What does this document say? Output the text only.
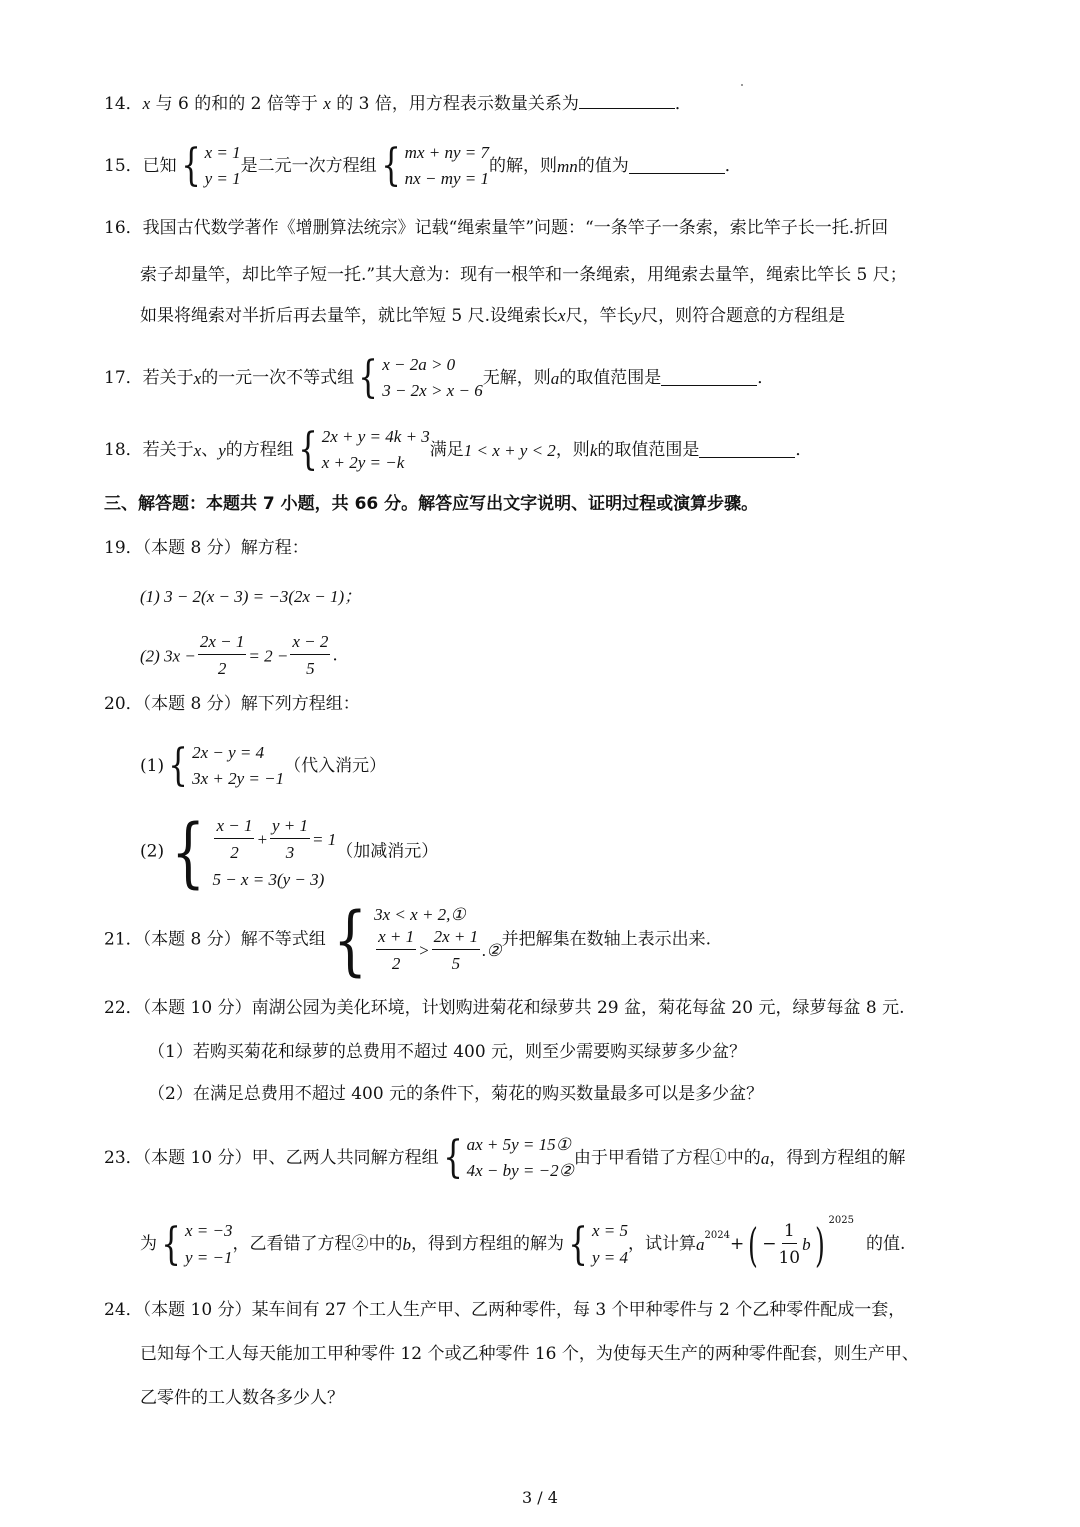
14．x 与 6 的和的 2 倍等于 x 的 3 倍，用方程表示数量关系为	．
15．已知 { x = 1
y = 1
是二元一次方程组 { mx + ny = 7
nx − my = 1
的解，则mn的值为	．
16．我国古代数学著作《增删算法统宗》记载“绳索量竿”问题：“一条竿子一条索，索比竿子长一托.折回
索子却量竿，却比竿子短一托.”其大意为：现有一根竿和一条绳索，用绳索去量竿，绳索比竿长 5 尺；
如果将绳索对半折后再去量竿，就比竿短 5 尺.设绳索长x尺，竿长y尺，则符合题意的方程组是
17．若关于x的一元一次不等式组 { x − 2a > 0
3 − 2x > x − 6
无解，则a的取值范围是	．
18．若关于x、y的方程组 { 2x + y = 4k + 3
x + 2y = −k
满足1 < x + y < 2，则k的取值范围是	．
三、解答题：本题共 7 小题，共 66 分。解答应写出文字说明、证明过程或演算步骤。
19．（本题 8 分）解方程：
(1) 3 − 2(x − 3) = −3(2x − 1)；
(2) $3x - \frac{2x - 1}{2} = 2 - \frac{x - 2}{5}$ .
20．（本题 8 分）解下列方程组：
(1) { 2x − y = 4
3x + 2y = −1
（代入消元）
(2) { $\frac{x - 1}{2} + \frac{y + 1}{3} = 1$
5 − x = 3(y − 3)
（加减消元）
21．（本题 8 分）解不等式组 { 3x < x + 2,①
$\frac{x + 1}{2} > \frac{2x + 1}{5}$ .②
并把解集在数轴上表示出来.
22．（本题 10 分）南湖公园为美化环境，计划购进菊花和绿萝共 29 盆，菊花每盆 20 元，绿萝每盆 8 元.
（1）若购买菊花和绿萝的总费用不超过 400 元，则至少需要购买绿萝多少盆？
（2）在满足总费用不超过 400 元的条件下，菊花的购买数量最多可以是多少盆？
23．（本题 10 分）甲、乙两人共同解方程组 { ax + 5y = 15①
4x − by = −2②
由于甲看错了方程①中的a，得到方程组的解
为 { x = −3
y = −1
，乙看错了方程②中的b，得到方程组的解为 { x = 5
y = 4
，试计算$a^{2024}+( - \frac{1}{10} b)$ $^{2025}$的值.
24．（本题 10 分）某车间有 27 个工人生产甲、乙两种零件，每 3 个甲种零件与 2 个乙种零件配成一套，
已知每个工人每天能加工甲种零件 12 个或乙种零件 16 个，为使每天生产的两种零件配套，则生产甲、
乙零件的工人数各多少人？
3 / 4
